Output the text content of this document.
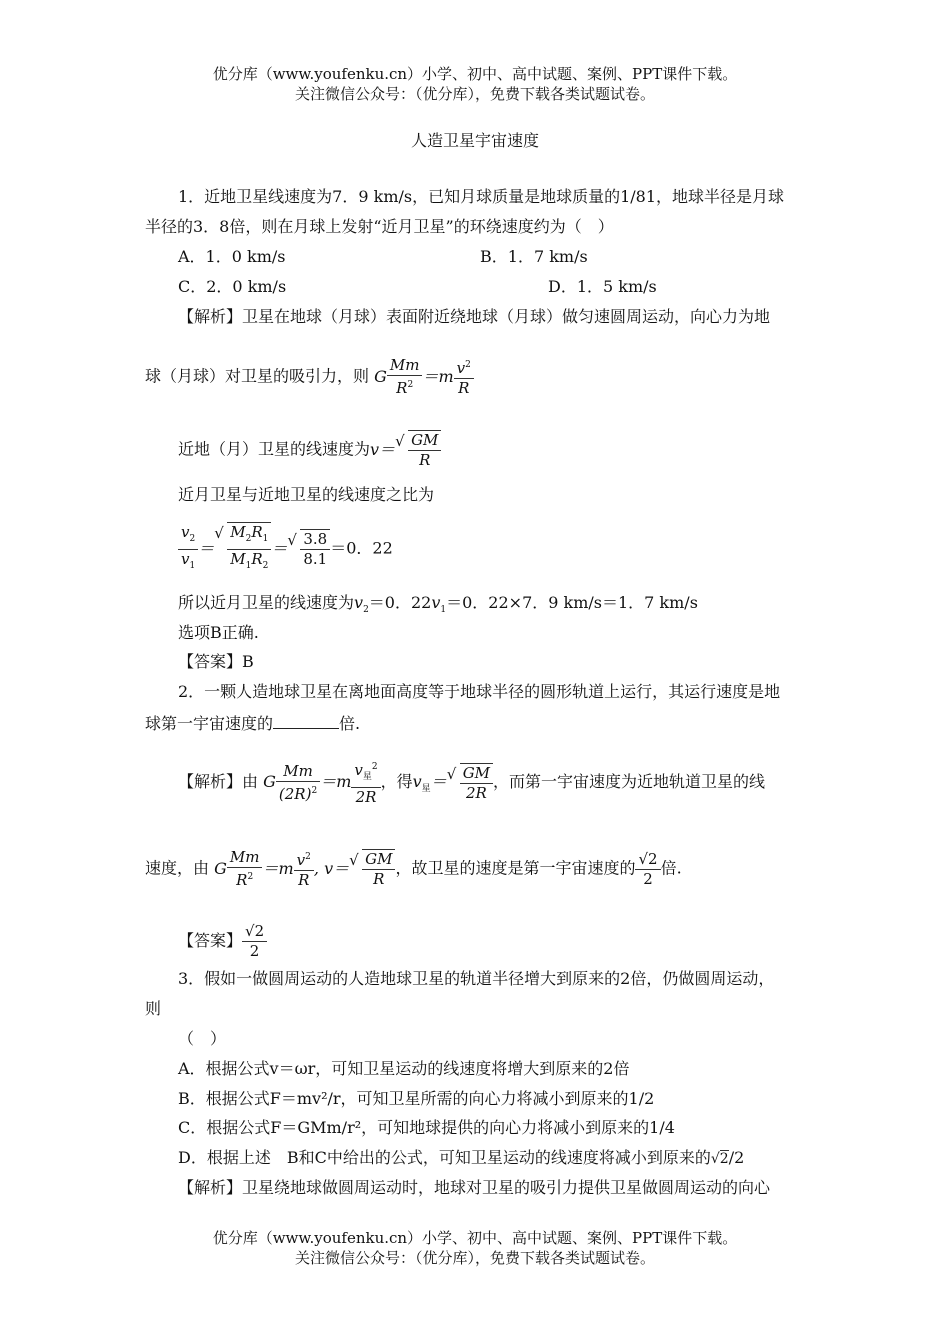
优分库（www.youfenku.cn）小学、初中、高中试题、案例、PPT课件下载。
关注微信公众号：（优分库），免费下载各类试题试卷。
人造卫星宇宙速度
1．近地卫星线速度为7．9 km/s，已知月球质量是地球质量的1/81，地球半径是月球
半径的3．8倍，则在月球上发射“近月卫星”的环绕速度约为（　）
A．1．0 km/s	B．1．7 km/s
C．2．0 km/s	D．1．5 km/s
【解析】卫星在地球（月球）表面附近绕地球（月球）做匀速圆周运动，向心力为地
球（月球）对卫星的吸引力，则 G $\frac{Mm}{R^2} =m \frac{v^2}{R}$
近地（月）卫星的线速度为v＝ √ $\frac{GM}{R}$
近月卫星与近地卫星的线速度之比为
$\frac{v_2}{v_1}$ ＝
√ $\frac{M_2R_1}{M_1R_2}$ ＝ √ $\frac{3.8}{8.1} =0$．22
所以近月卫星的线速度为$v_2=0$．$22v_1=0$．22×7．9 km/s＝1．7 km/s
选项B正确.
【答案】B
2．一颗人造地球卫星在离地面高度等于地球半径的圆形轨道上运行，其运行速度是地
球第一宇宙速度的	倍.
【解析】由 G $\frac{Mm}{(2R)^2} =m \frac{v_星^2}{2R}$ ，得$v_星=$ √ $\frac{GM}{2R}$ ，而第一宇宙速度为近地轨道卫星的线
速度，由 G $\frac{Mm}{R^2} =m \frac{v^2}{R}$ , v＝ √ $\frac{GM}{R}$ ，故卫星的速度是第一宇宙速度的 $\frac{√2}{2}$ 倍.
【答案】 $\frac{√2}{2}$
3．假如一做圆周运动的人造地球卫星的轨道半径增大到原来的2倍，仍做圆周运动，
则
（　）
A．根据公式v＝ωr，可知卫星运动的线速度将增大到原来的2倍
B．根据公式F＝mv²/r，可知卫星所需的向心力将减小到原来的1/2
C．根据公式F＝GMm/r²，可知地球提供的向心力将减小到原来的1/4
D．根据上述　B和C中给出的公式，可知卫星运动的线速度将减小到原来的√2/2
【解析】卫星绕地球做圆周运动时，地球对卫星的吸引力提供卫星做圆周运动的向心
优分库（www.youfenku.cn）小学、初中、高中试题、案例、PPT课件下载。
关注微信公众号：（优分库），免费下载各类试题试卷。
